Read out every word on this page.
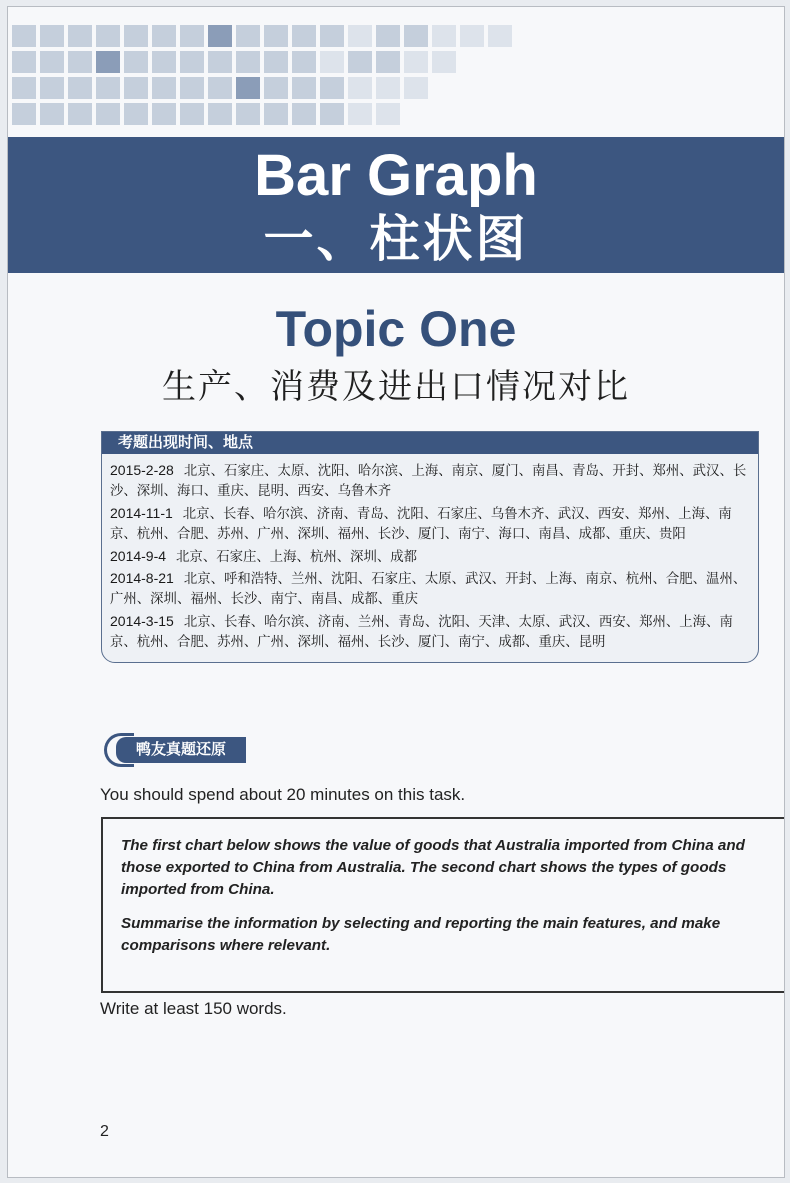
Bar Graph
一、柱状图
Topic One
生产、消费及进出口情况对比
考题出现时间、地点
2015-2-28 北京、石家庄、太原、沈阳、哈尔滨、上海、南京、厦门、南昌、青岛、开封、郑州、武汉、长沙、深圳、海口、重庆、昆明、西安、乌鲁木齐
2014-11-1 北京、长春、哈尔滨、济南、青岛、沈阳、石家庄、乌鲁木齐、武汉、西安、郑州、上海、南京、杭州、合肥、苏州、广州、深圳、福州、长沙、厦门、南宁、海口、南昌、成都、重庆、贵阳
2014-9-4 北京、石家庄、上海、杭州、深圳、成都
2014-8-21 北京、呼和浩特、兰州、沈阳、石家庄、太原、武汉、开封、上海、南京、杭州、合肥、温州、广州、深圳、福州、长沙、南宁、南昌、成都、重庆
2014-3-15 北京、长春、哈尔滨、济南、兰州、青岛、沈阳、天津、太原、武汉、西安、郑州、上海、南京、杭州、合肥、苏州、广州、深圳、福州、长沙、厦门、南宁、成都、重庆、昆明
鸭友真题还原
You should spend about 20 minutes on this task.

The first chart below shows the value of goods that Australia imported from China and those exported to China from Australia. The second chart shows the types of goods imported from China.

Summarise the information by selecting and reporting the main features, and make comparisons where relevant.

Write at least 150 words.
2
